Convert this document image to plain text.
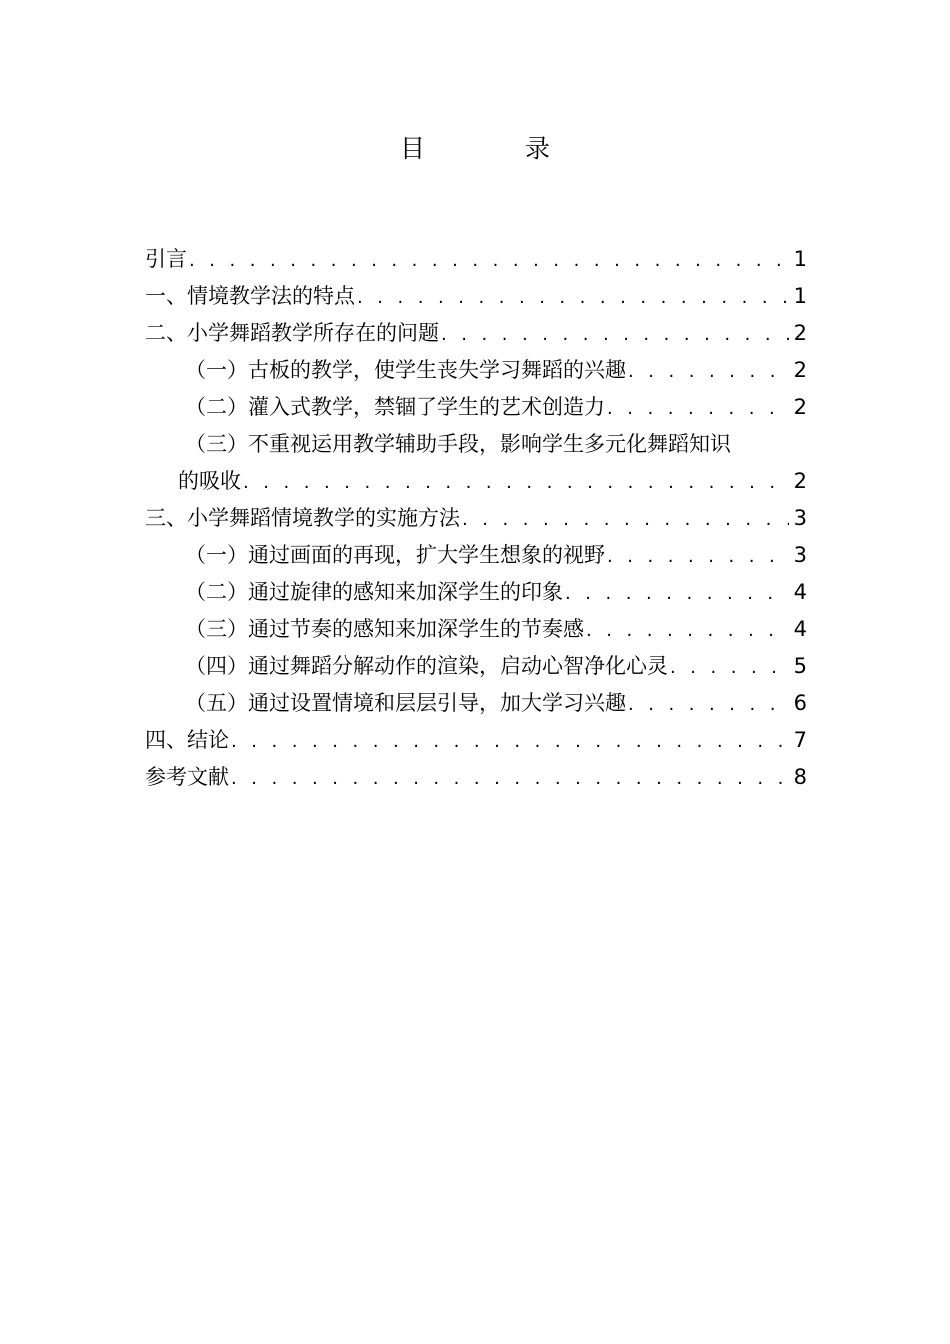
目 录
引言 . . .	1
一、情境教学法的特点 . . .	1
二、小学舞蹈教学所存在的问题 . . .	2
（一）古板的教学，使学生丧失学习舞蹈的兴趣 . . .	2
（二）灌入式教学，禁锢了学生的艺术创造力 . . .	2
（三）不重视运用教学辅助手段，影响学生多元化舞蹈知识
的吸收 . . .	2
三、小学舞蹈情境教学的实施方法 . . .	3
（一）通过画面的再现，扩大学生想象的视野 . . .	3
（二）通过旋律的感知来加深学生的印象 . . .	4
（三）通过节奏的感知来加深学生的节奏感 . . .	4
（四）通过舞蹈分解动作的渲染，启动心智净化心灵 . . .	5
（五）通过设置情境和层层引导，加大学习兴趣 . . .	6
四、结论 . . .	7
参考文献 . . .	8
